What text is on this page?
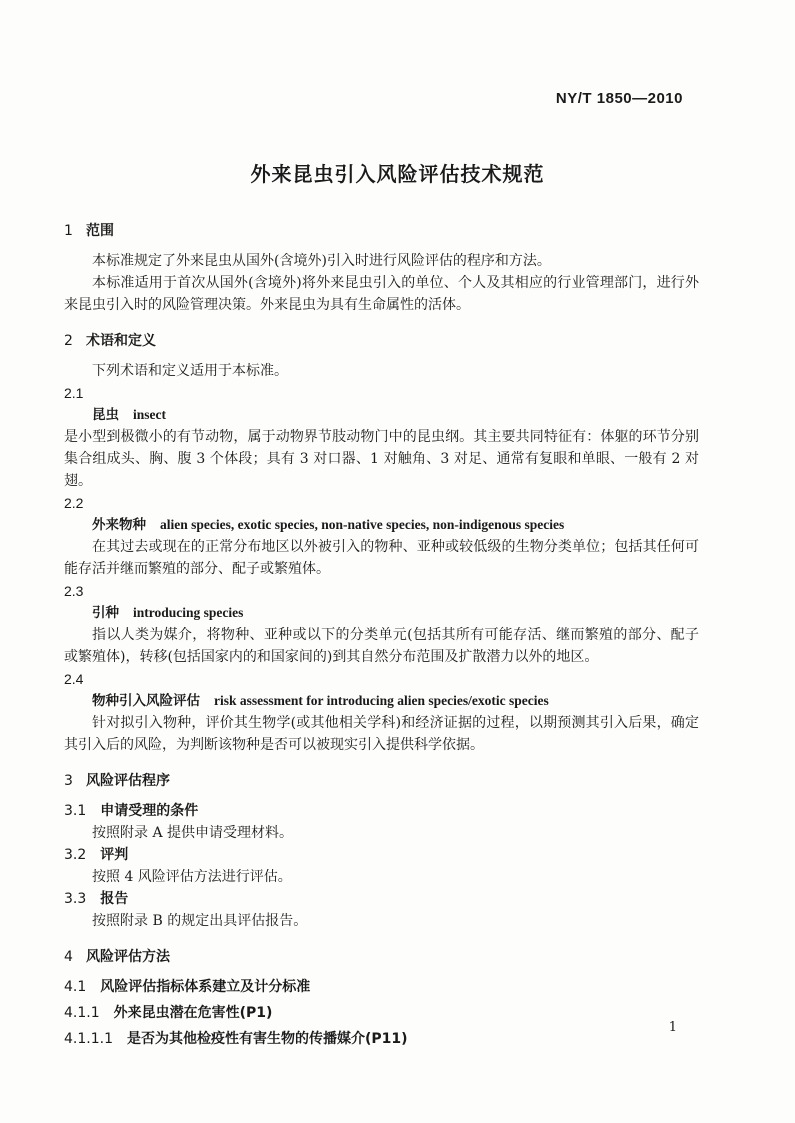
NY/T 1850—2010
外来昆虫引入风险评估技术规范
1 范围

本标准规定了外来昆虫从国外(含境外)引入时进行风险评估的程序和方法。

本标准适用于首次从国外(含境外)将外来昆虫引入的单位、个人及其相应的行业管理部门，进行外来昆虫引入时的风险管理决策。外来昆虫为具有生命属性的活体。

2 术语和定义

下列术语和定义适用于本标准。

2.1
昆虫 insect

是小型到极微小的有节动物，属于动物界节肢动物门中的昆虫纲。其主要共同特征有：体躯的环节分别集合组成头、胸、腹 3 个体段；具有 3 对口器、1 对触角、3 对足、通常有复眼和单眼、一般有 2 对翅。

2.2
外来物种 alien species, exotic species, non-native species, non-indigenous species

在其过去或现在的正常分布地区以外被引入的物种、亚种或较低级的生物分类单位；包括其任何可能存活并继而繁殖的部分、配子或繁殖体。

2.3
引种 introducing species

指以人类为媒介，将物种、亚种或以下的分类单元(包括其所有可能存活、继而繁殖的部分、配子或繁殖体)，转移(包括国家内的和国家间的)到其自然分布范围及扩散潜力以外的地区。

2.4
物种引入风险评估 risk assessment for introducing alien species/exotic species

针对拟引入物种，评价其生物学(或其他相关学科)和经济证据的过程，以期预测其引入后果，确定其引入后的风险，为判断该物种是否可以被现实引入提供科学依据。

3 风险评估程序
3.1 申请受理的条件

按照附录 A 提供申请受理材料。

3.2 评判

按照 4 风险评估方法进行评估。

3.3 报告

按照附录 B 的规定出具评估报告。

4 风险评估方法
4.1 风险评估指标体系建立及计分标准
4.1.1 外来昆虫潜在危害性(P1)
4.1.1.1 是否为其他检疫性有害生物的传播媒介(P11)
1
